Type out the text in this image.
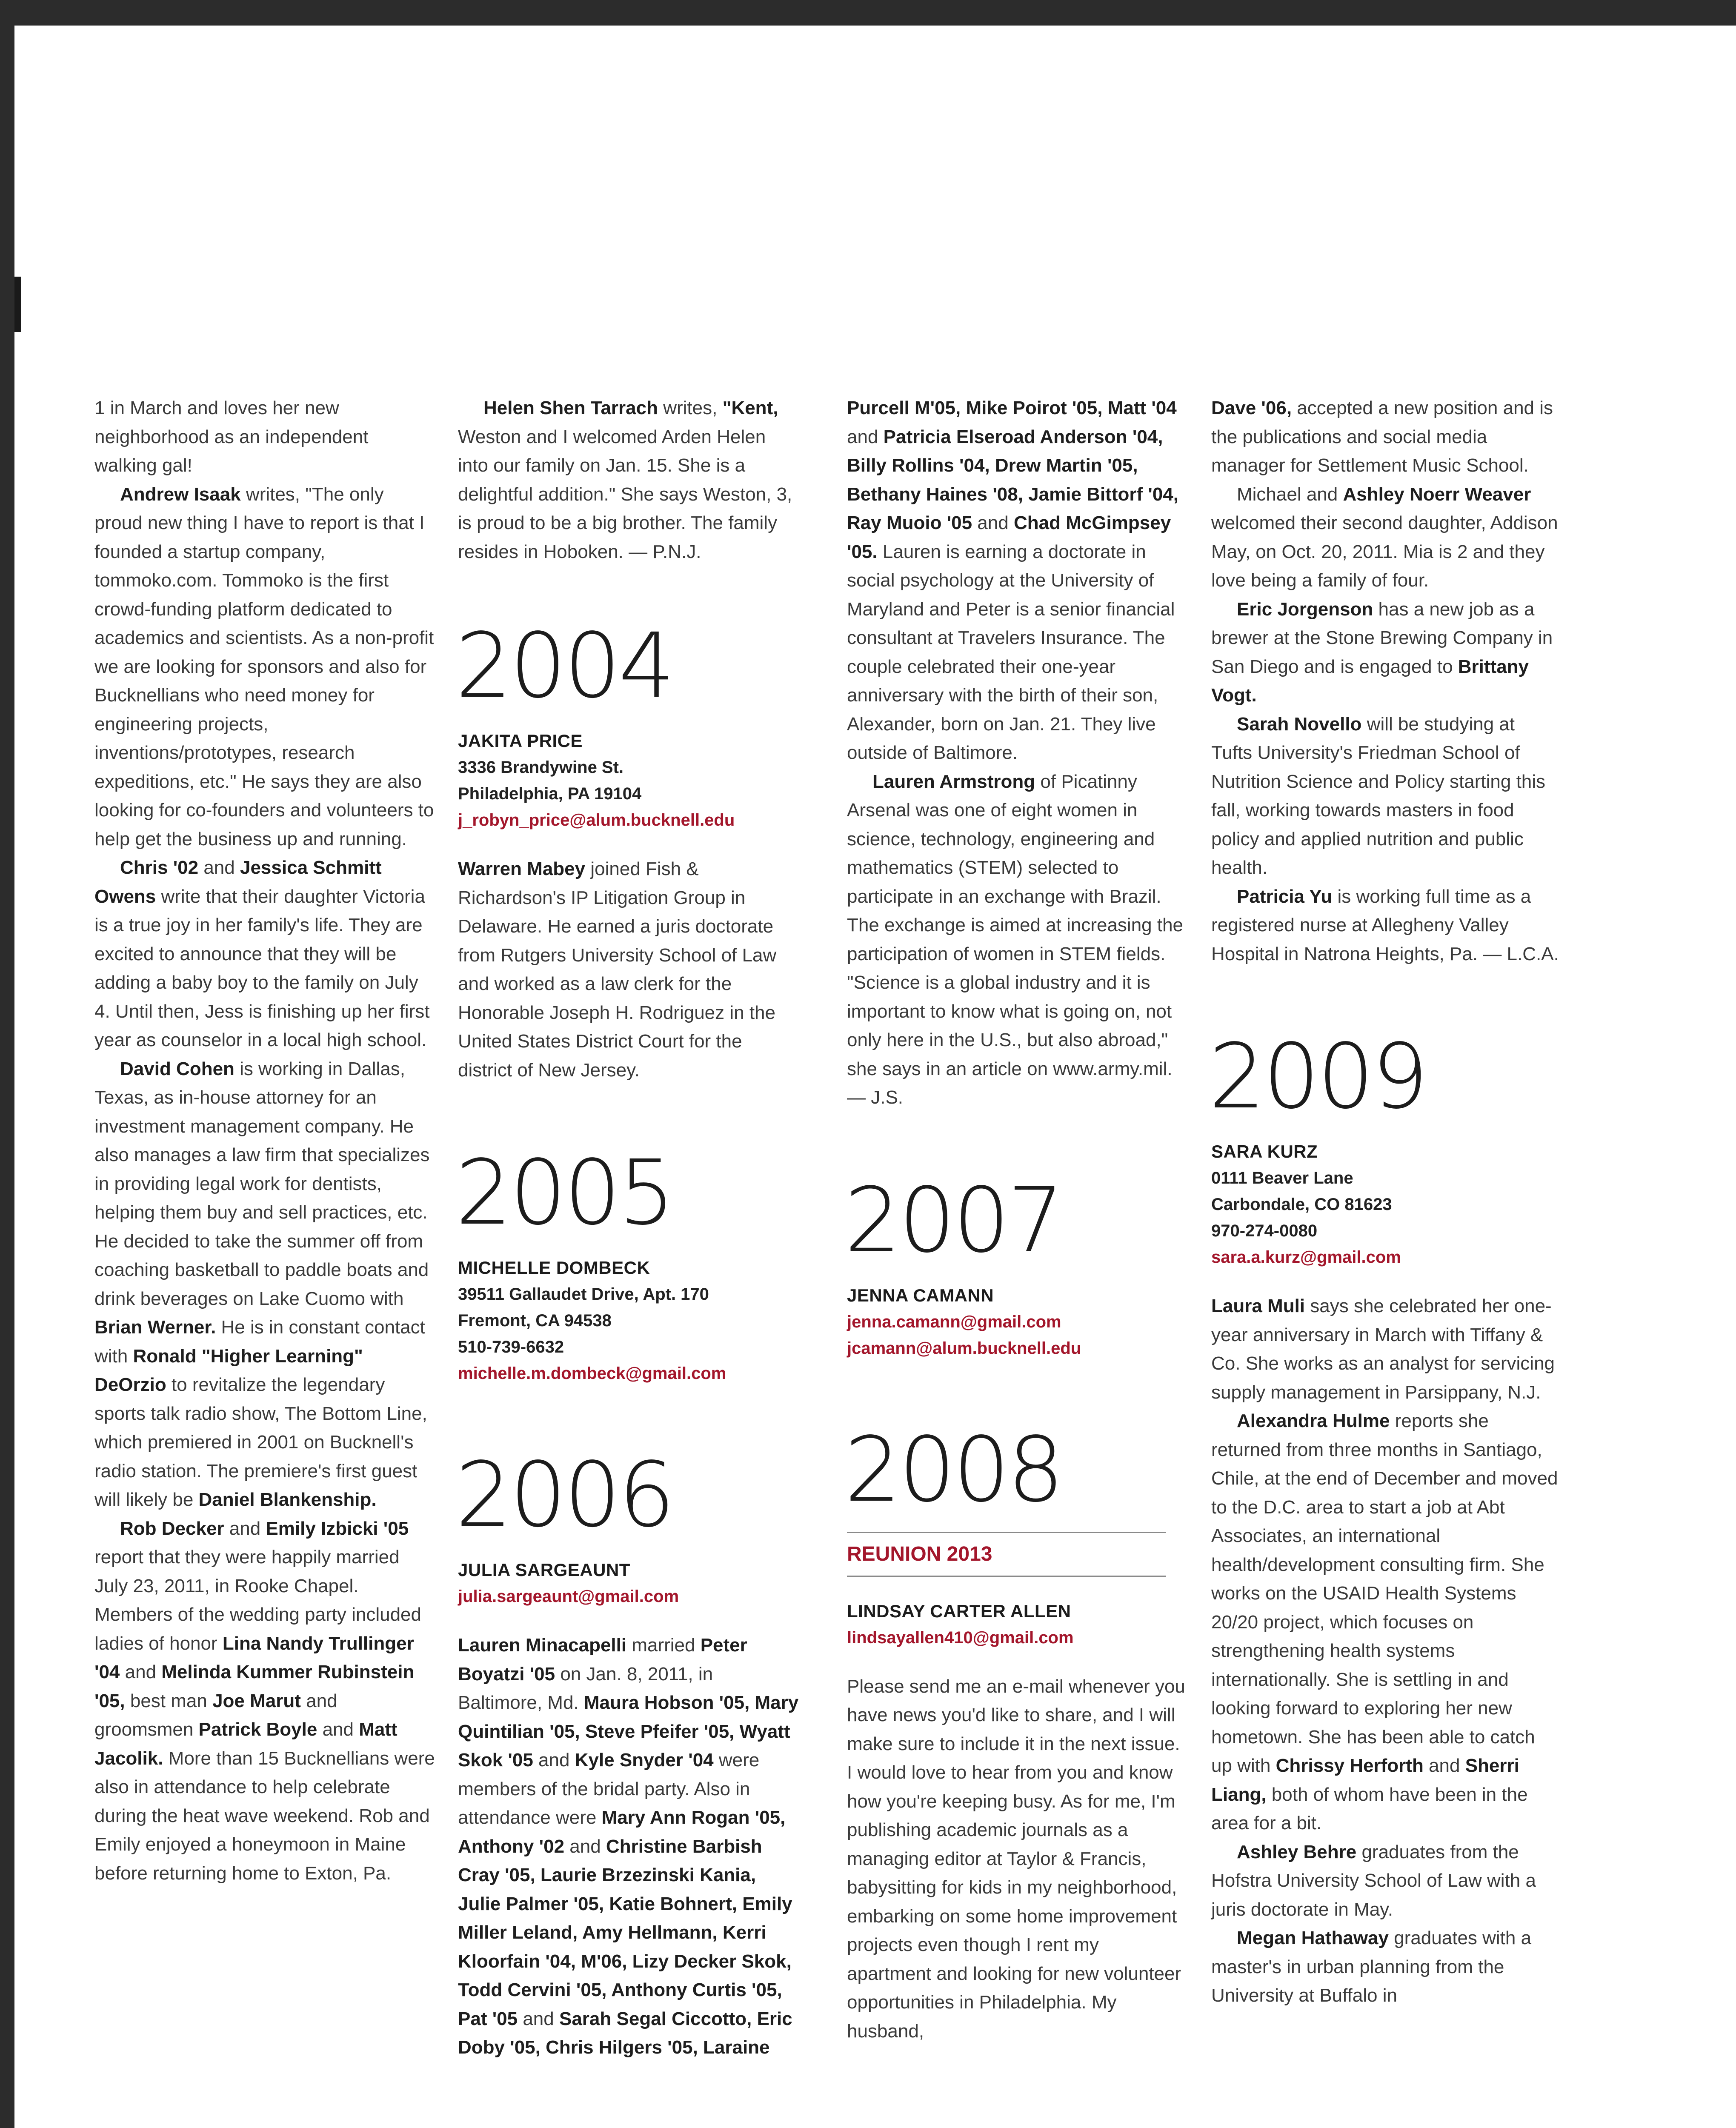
1 in March and loves her new neighborhood as an independent walking gal!

Andrew Isaak writes, "The only proud new thing I have to report is that I founded a startup company, tommoko.com. Tommoko is the first crowd-funding platform dedicated to academics and scientists. As a non-profit we are looking for sponsors and also for Bucknellians who need money for engineering projects, inventions/prototypes, research expeditions, etc." He says they are also looking for co-founders and volunteers to help get the business up and running.

Chris '02 and Jessica Schmitt Owens write that their daughter Victoria is a true joy in her family's life. They are excited to announce that they will be adding a baby boy to the family on July 4. Until then, Jess is finishing up her first year as counselor in a local high school.

David Cohen is working in Dallas, Texas, as in-house attorney for an investment management company. He also manages a law firm that specializes in providing legal work for dentists, helping them buy and sell practices, etc. He decided to take the summer off from coaching basketball to paddle boats and drink beverages on Lake Cuomo with Brian Werner. He is in constant contact with Ronald "Higher Learning" DeOrzio to revitalize the legendary sports talk radio show, The Bottom Line, which premiered in 2001 on Bucknell's radio station. The premiere's first guest will likely be Daniel Blankenship.

Rob Decker and Emily Izbicki '05 report that they were happily married July 23, 2011, in Rooke Chapel. Members of the wedding party included ladies of honor Lina Nandy Trullinger '04 and Melinda Kummer Rubinstein '05, best man Joe Marut and groomsmen Patrick Boyle and Matt Jacolik. More than 15 Bucknellians were also in attendance to help celebrate during the heat wave weekend. Rob and Emily enjoyed a honeymoon in Maine before returning home to Exton, Pa.

Helen Shen Tarrach writes, "Kent, Weston and I welcomed Arden Helen into our family on Jan. 15. She is a delightful addition." She says Weston, 3, is proud to be a big brother. The family resides in Hoboken. — P.N.J.

2004
JAKITA PRICE
3336 Brandywine St.
Philadelphia, PA 19104
j_robyn_price@alum.bucknell.edu

Warren Mabey joined Fish & Richardson's IP Litigation Group in Delaware. He earned a juris doctorate from Rutgers University School of Law and worked as a law clerk for the Honorable Joseph H. Rodriguez in the United States District Court for the district of New Jersey.

2005
MICHELLE DOMBECK
39511 Gallaudet Drive, Apt. 170
Fremont, CA 94538
510-739-6632
michelle.m.dombeck@gmail.com
2006
JULIA SARGEAUNT
julia.sargeaunt@gmail.com

Lauren Minacapelli married Peter Boyatzi '05 on Jan. 8, 2011, in Baltimore, Md. Maura Hobson '05, Mary Quintilian '05, Steve Pfeifer '05, Wyatt Skok '05 and Kyle Snyder '04 were members of the bridal party. Also in attendance were Mary Ann Rogan '05, Anthony '02 and Christine Barbish Cray '05, Laurie Brzezinski Kania, Julie Palmer '05, Katie Bohnert, Emily Miller Leland, Amy Hellmann, Kerri Kloorfain '04, M'06, Lizy Decker Skok, Todd Cervini '05, Anthony Curtis '05, Pat '05 and Sarah Segal Ciccotto, Eric Doby '05, Chris Hilgers '05, Laraine

Purcell M'05, Mike Poirot '05, Matt '04 and Patricia Elseroad Anderson '04, Billy Rollins '04, Drew Martin '05, Bethany Haines '08, Jamie Bittorf '04, Ray Muoio '05 and Chad McGimpsey '05. Lauren is earning a doctorate in social psychology at the University of Maryland and Peter is a senior financial consultant at Travelers Insurance. The couple celebrated their one-year anniversary with the birth of their son, Alexander, born on Jan. 21. They live outside of Baltimore.

Lauren Armstrong of Picatinny Arsenal was one of eight women in science, technology, engineering and mathematics (STEM) selected to participate in an exchange with Brazil. The exchange is aimed at increasing the participation of women in STEM fields. "Science is a global industry and it is important to know what is going on, not only here in the U.S., but also abroad," she says in an article on www.army.mil. — J.S.

2007
JENNA CAMANN
jenna.camann@gmail.com
jcamann@alum.bucknell.edu
2008
REUNION 2013
LINDSAY CARTER ALLEN
lindsayallen410@gmail.com

Please send me an e-mail whenever you have news you'd like to share, and I will make sure to include it in the next issue. I would love to hear from you and know how you're keeping busy. As for me, I'm publishing academic journals as a managing editor at Taylor & Francis, babysitting for kids in my neighborhood, embarking on some home improvement projects even though I rent my apartment and looking for new volunteer opportunities in Philadelphia. My husband,

Dave '06, accepted a new position and is the publications and social media manager for Settlement Music School.

Michael and Ashley Noerr Weaver welcomed their second daughter, Addison May, on Oct. 20, 2011. Mia is 2 and they love being a family of four.

Eric Jorgenson has a new job as a brewer at the Stone Brewing Company in San Diego and is engaged to Brittany Vogt.

Sarah Novello will be studying at Tufts University's Friedman School of Nutrition Science and Policy starting this fall, working towards masters in food policy and applied nutrition and public health.

Patricia Yu is working full time as a registered nurse at Allegheny Valley Hospital in Natrona Heights, Pa. — L.C.A.

2009
SARA KURZ
0111 Beaver Lane
Carbondale, CO 81623
970-274-0080
sara.a.kurz@gmail.com

Laura Muli says she celebrated her one-year anniversary in March with Tiffany & Co. She works as an analyst for servicing supply management in Parsippany, N.J.

Alexandra Hulme reports she returned from three months in Santiago, Chile, at the end of December and moved to the D.C. area to start a job at Abt Associates, an international health/development consulting firm. She works on the USAID Health Systems 20/20 project, which focuses on strengthening health systems internationally. She is settling in and looking forward to exploring her new hometown. She has been able to catch up with Chrissy Herforth and Sherri Liang, both of whom have been in the area for a bit.

Ashley Behre graduates from the Hofstra University School of Law with a juris doctorate in May.

Megan Hathaway graduates with a master's in urban planning from the University at Buffalo in
